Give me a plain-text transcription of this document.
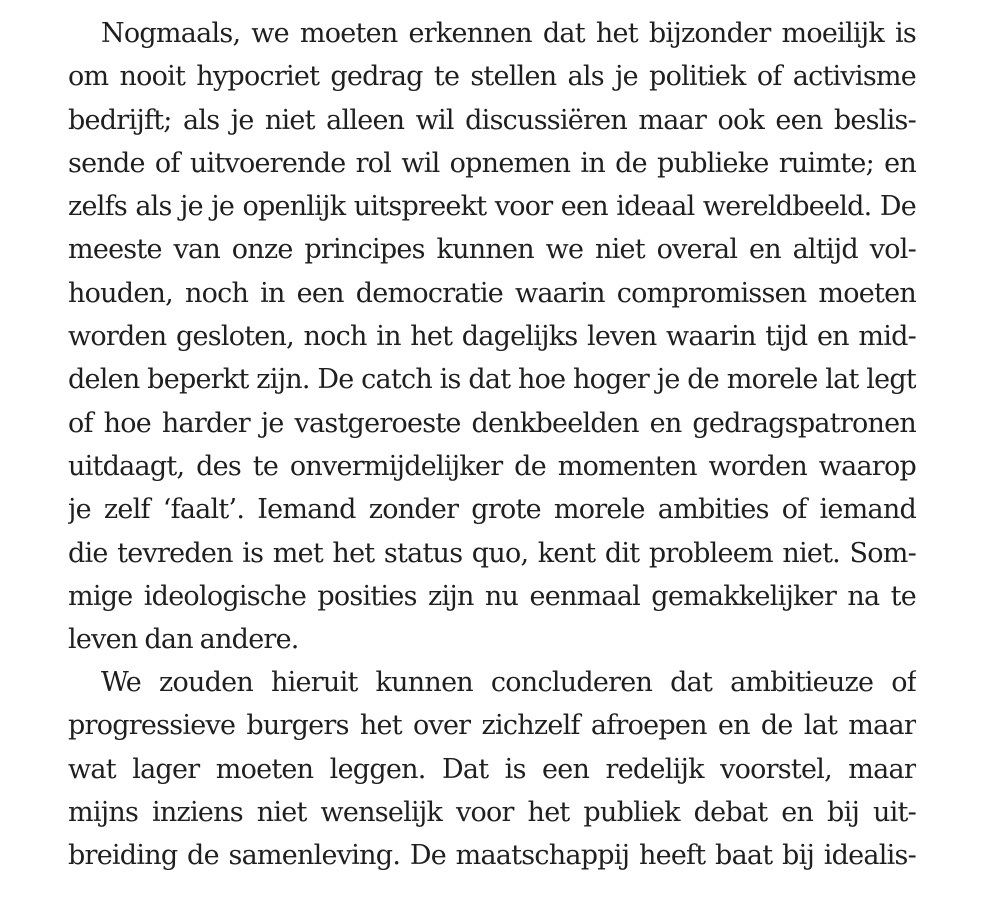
Nogmaals, we moeten erkennen dat het bijzonder moeilijk is
om nooit hypocriet gedrag te stellen als je politiek of activisme
bedrijft; als je niet alleen wil discussiëren maar ook een beslis-
sende of uitvoerende rol wil opnemen in de publieke ruimte; en
zelfs als je je openlijk uitspreekt voor een ideaal wereldbeeld. De
meeste van onze principes kunnen we niet overal en altijd vol-
houden, noch in een democratie waarin compromissen moeten
worden gesloten, noch in het dagelijks leven waarin tijd en mid-
delen beperkt zijn. De catch is dat hoe hoger je de morele lat legt
of hoe harder je vastgeroeste denkbeelden en gedragspatronen
uitdaagt, des te onvermijdelijker de momenten worden waarop
je zelf ‘faalt’. Iemand zonder grote morele ambities of iemand
die tevreden is met het status quo, kent dit probleem niet. Som-
mige ideologische posities zijn nu eenmaal gemakkelijker na te
leven dan andere.
We zouden hieruit kunnen concluderen dat ambitieuze of
progressieve burgers het over zichzelf afroepen en de lat maar
wat lager moeten leggen. Dat is een redelijk voorstel, maar
mijns inziens niet wenselijk voor het publiek debat en bij uit-
breiding de samenleving. De maatschappij heeft baat bij idealis-
